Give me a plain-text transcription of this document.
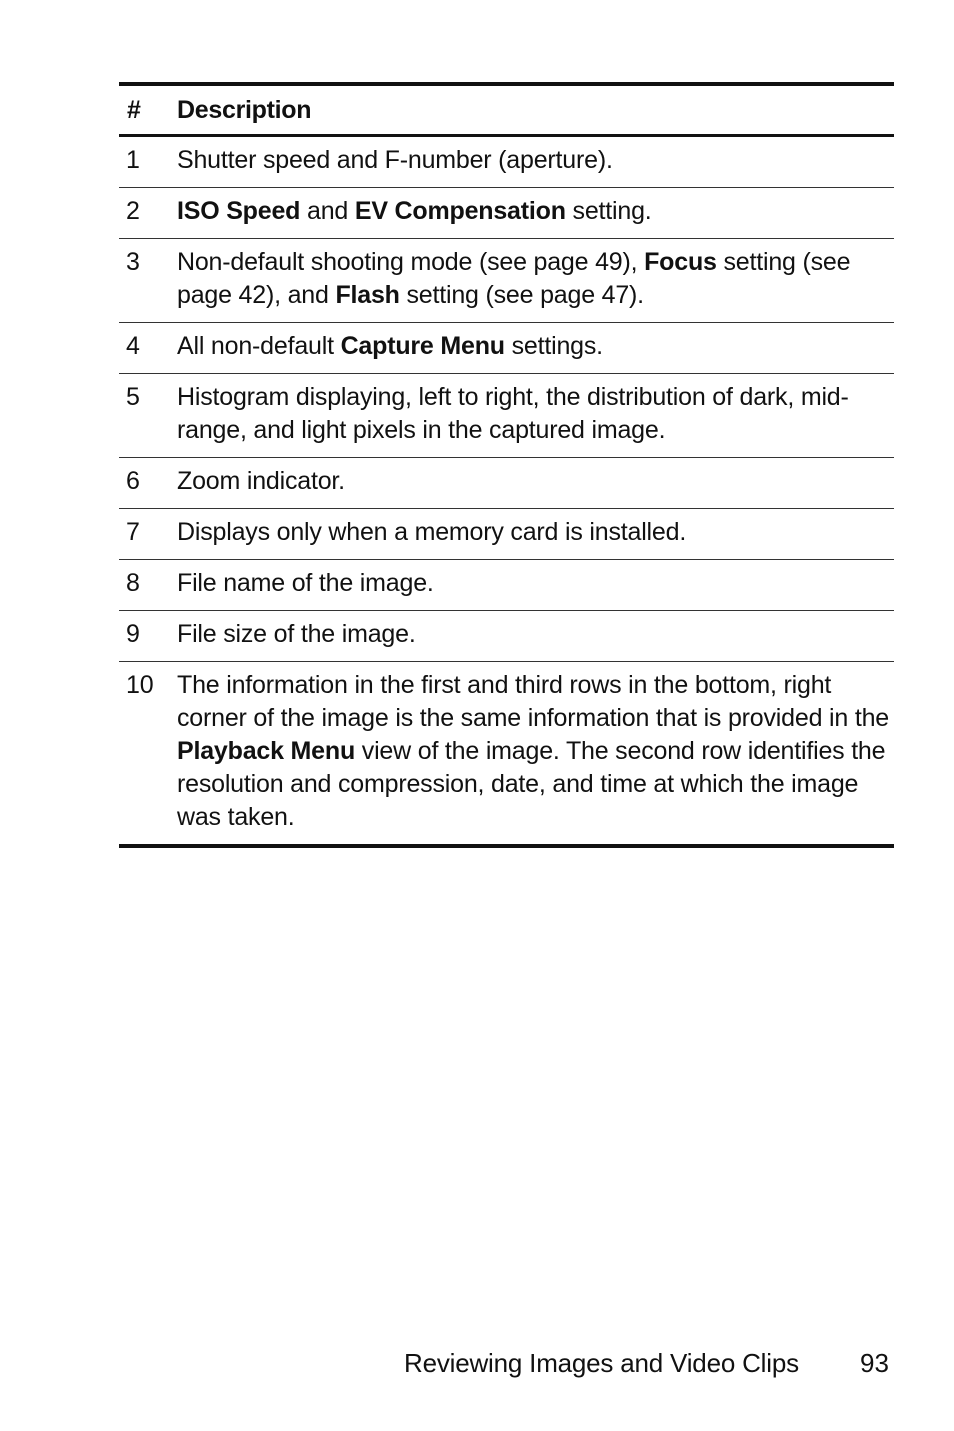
#	Description
1	Shutter speed and F-number (aperture).
2	ISO Speed and EV Compensation setting.
3	Non-default shooting mode (see page 49), Focus setting (see page 42), and Flash setting (see page 47).
4	All non-default Capture Menu settings.
5	Histogram displaying, left to right, the distribution of dark, mid-range, and light pixels in the captured image.
6	Zoom indicator.
7	Displays only when a memory card is installed.
8	File name of the image.
9	File size of the image.
10	The information in the first and third rows in the bottom, right corner of the image is the same information that is provided in the Playback Menu view of the image. The second row identifies the resolution and compression, date, and time at which the image was taken.
Reviewing Images and Video Clips 93
